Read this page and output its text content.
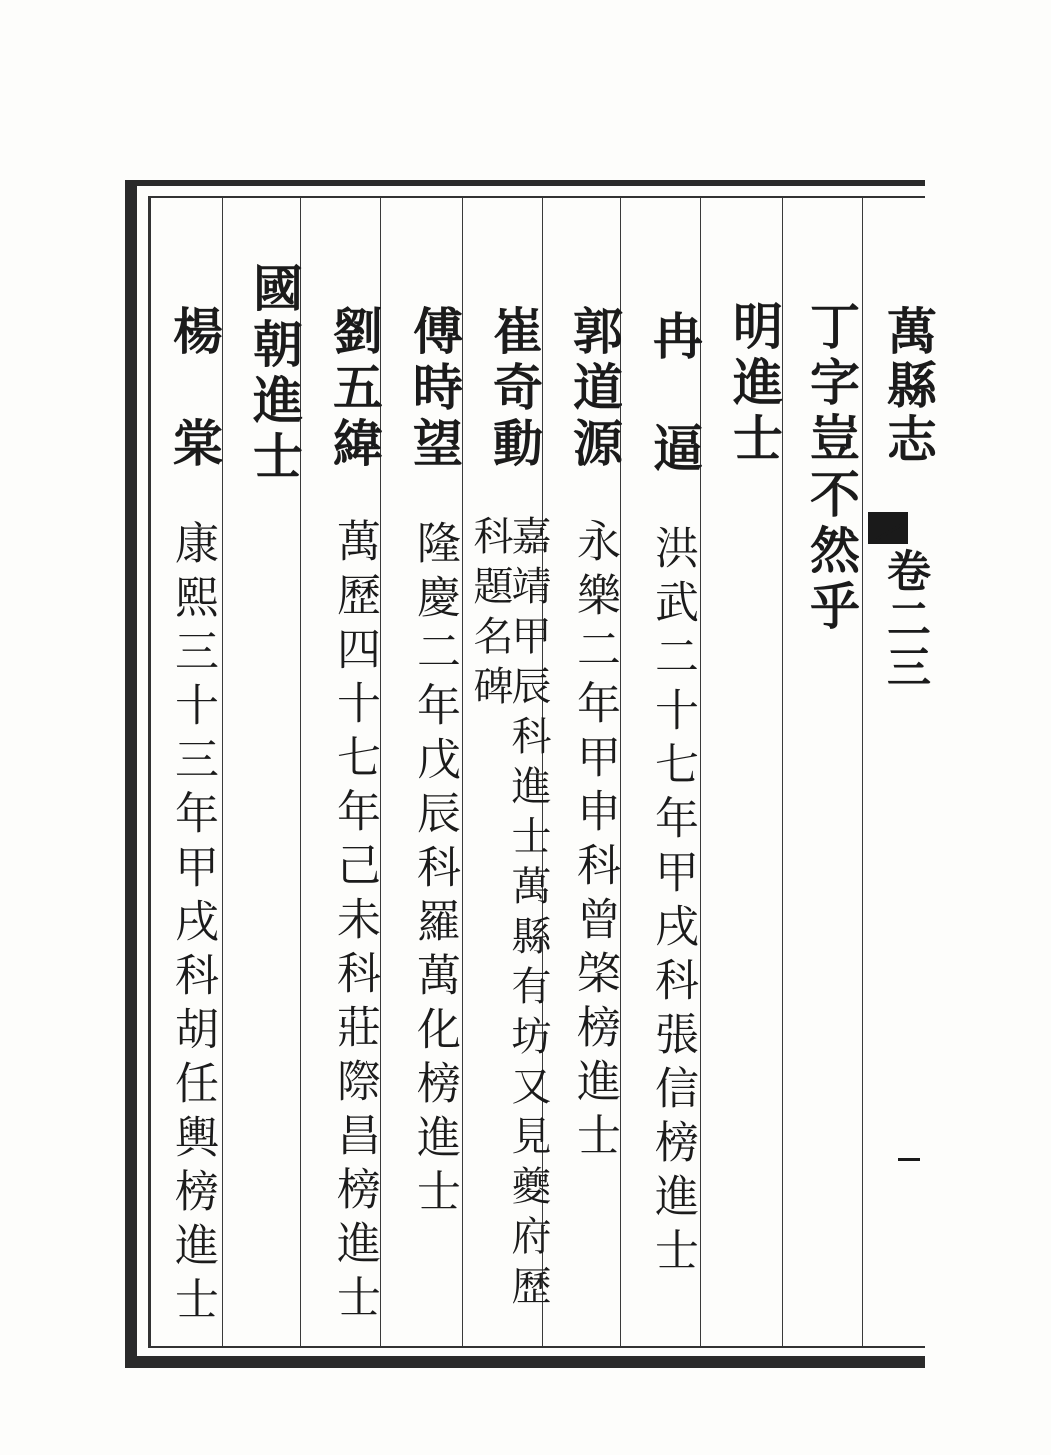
萬縣志
卷二三
丁字豈不然乎
明進士
冉　逼
洪武二十七年甲戌科張信榜進士
郭道源
永樂二年甲申科曾棨榜進士
崔奇動
嘉靖甲辰科進士萬縣有坊又見夔府歷
科題名碑
傅時望
隆慶二年戊辰科羅萬化榜進士
劉五緯
萬歷四十七年己未科莊際昌榜進士
國朝進士
楊　棠
康熙三十三年甲戌科胡任輿榜進士
